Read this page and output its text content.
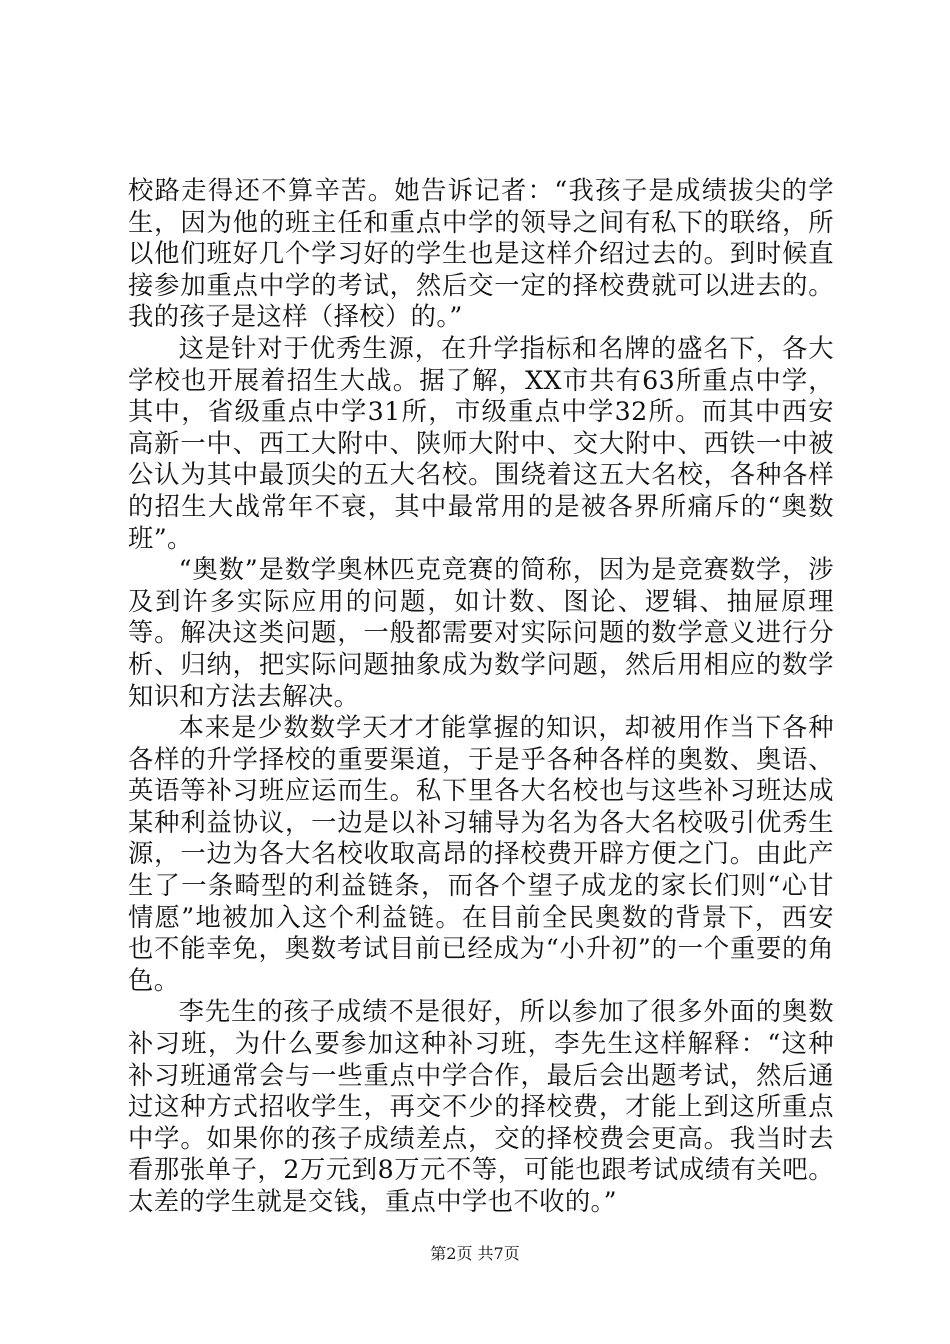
校路走得还不算辛苦。她告诉记者：“我孩子是成绩拔尖的学生，因为他的班主任和重点中学的领导之间有私下的联络，所以他们班好几个学习好的学生也是这样介绍过去的。到时候直接参加重点中学的考试，然后交一定的择校费就可以进去的。我的孩子是这样（择校）的。”

这是针对于优秀生源，在升学指标和名牌的盛名下，各大学校也开展着招生大战。据了解，XX市共有63所重点中学，其中，省级重点中学31所，市级重点中学32所。而其中西安高新一中、西工大附中、陕师大附中、交大附中、西铁一中被公认为其中最顶尖的五大名校。围绕着这五大名校，各种各样的招生大战常年不衰，其中最常用的是被各界所痛斥的“奥数班”。

“奥数”是数学奥林匹克竞赛的简称，因为是竞赛数学，涉及到许多实际应用的问题，如计数、图论、逻辑、抽屉原理等。解决这类问题，一般都需要对实际问题的数学意义进行分析、归纳，把实际问题抽象成为数学问题，然后用相应的数学知识和方法去解决。

本来是少数数学天才才能掌握的知识，却被用作当下各种各样的升学择校的重要渠道，于是乎各种各样的奥数、奥语、英语等补习班应运而生。私下里各大名校也与这些补习班达成某种利益协议，一边是以补习辅导为名为各大名校吸引优秀生源，一边为各大名校收取高昂的择校费开辟方便之门。由此产生了一条畸型的利益链条，而各个望子成龙的家长们则“心甘情愿”地被加入这个利益链。在目前全民奥数的背景下，西安也不能幸免，奥数考试目前已经成为“小升初”的一个重要的角色。

李先生的孩子成绩不是很好，所以参加了很多外面的奥数补习班，为什么要参加这种补习班，李先生这样解释：“这种补习班通常会与一些重点中学合作，最后会出题考试，然后通过这种方式招收学生，再交不少的择校费，才能上到这所重点中学。如果你的孩子成绩差点，交的择校费会更高。我当时去看那张单子，2万元到8万元不等，可能也跟考试成绩有关吧。太差的学生就是交钱，重点中学也不收的。”

第2页 共7页
